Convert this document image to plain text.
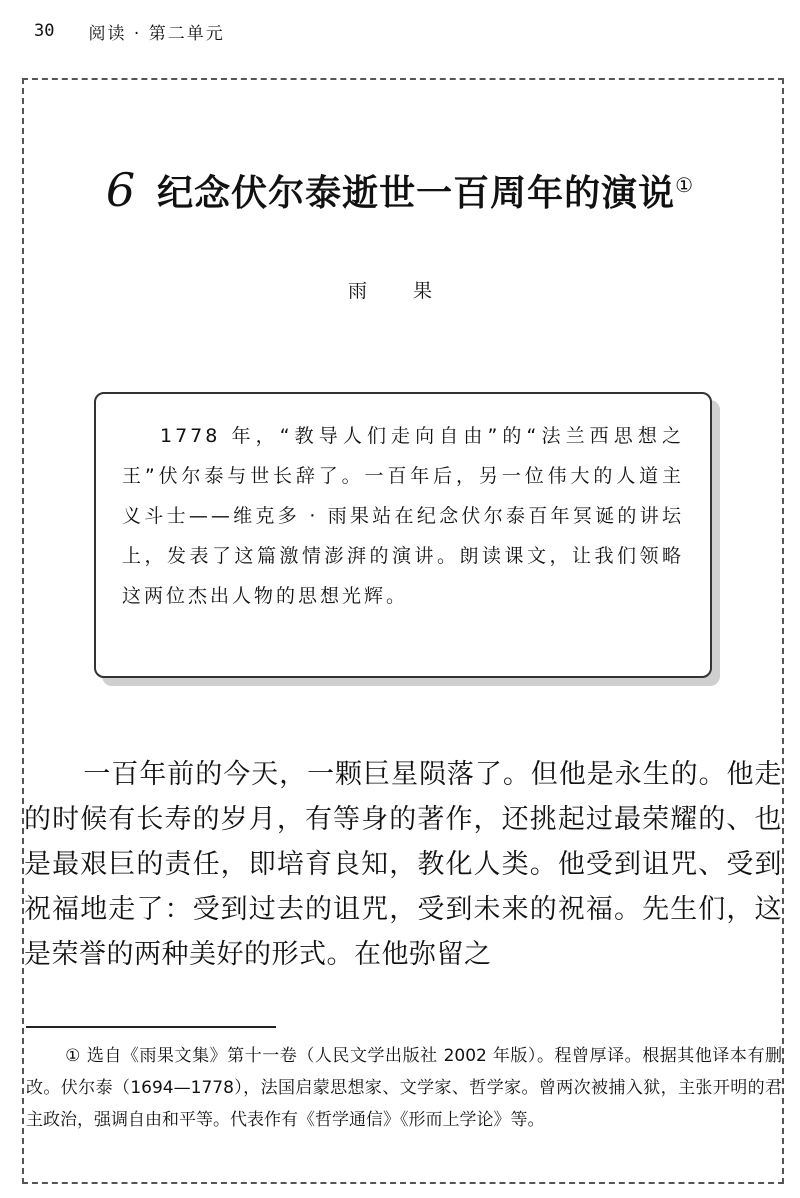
30 阅读 · 第二单元
6 纪念伏尔泰逝世一百周年的演说①
雨 果

1778 年，“教导人们走向自由”的“法兰西思想之王”伏尔泰与世长辞了。一百年后，另一位伟大的人道主义斗士——维克多 · 雨果站在纪念伏尔泰百年冥诞的讲坛上，发表了这篇激情澎湃的演讲。朗读课文，让我们领略这两位杰出人物的思想光辉。

一百年前的今天，一颗巨星陨落了。但他是永生的。他走的时候有长寿的岁月，有等身的著作，还挑起过最荣耀的、也是最艰巨的责任，即培育良知，教化人类。他受到诅咒、受到祝福地走了：受到过去的诅咒，受到未来的祝福。先生们，这是荣誉的两种美好的形式。在他弥留之

① 选自《雨果文集》第十一卷（人民文学出版社 2002 年版）。程曾厚译。根据其他译本有删改。伏尔泰（1694—1778），法国启蒙思想家、文学家、哲学家。曾两次被捕入狱，主张开明的君主政治，强调自由和平等。代表作有《哲学通信》《形而上学论》等。
